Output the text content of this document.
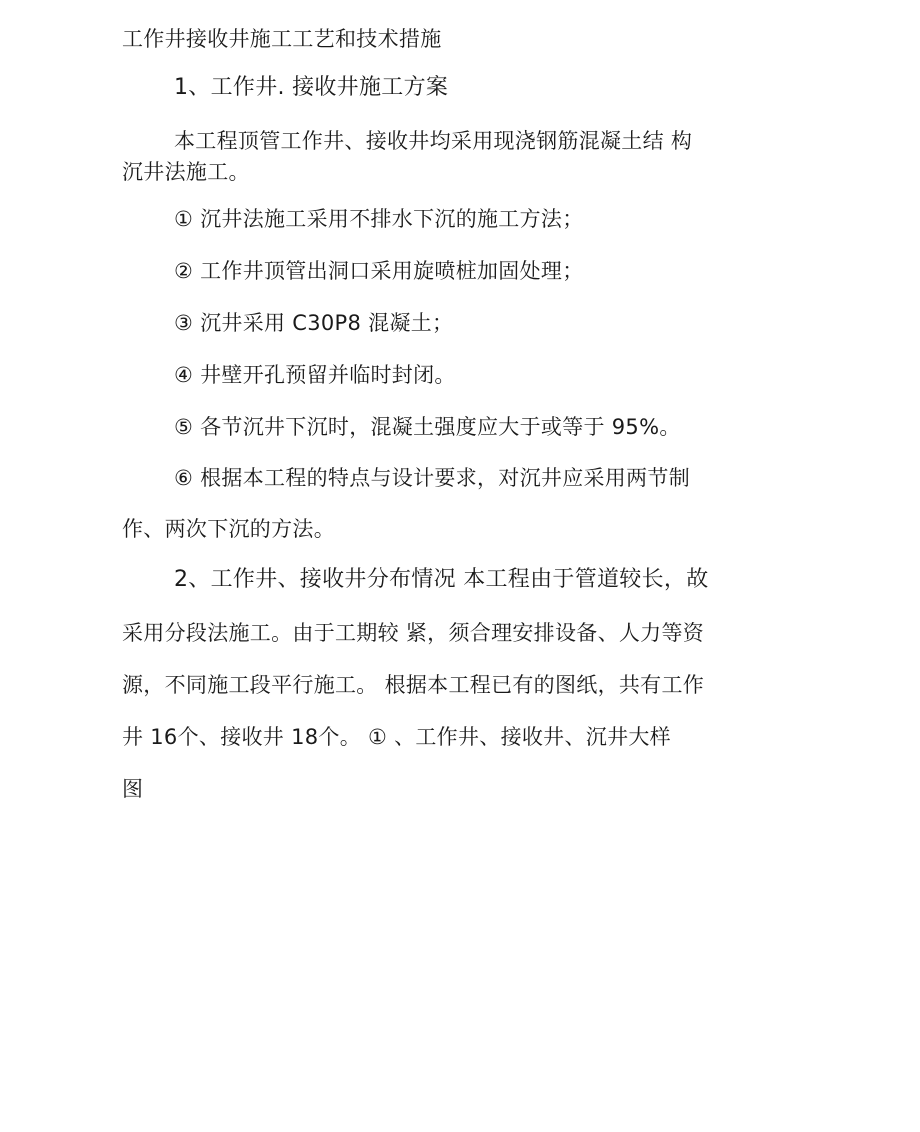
工作井接收井施工工艺和技术措施

1、工作井. 接收井施工方案

本工程顶管工作井、接收井均采用现浇钢筋混凝土结 构

沉井法施工。

① 沉井法施工采用不排水下沉的施工方法；

② 工作井顶管出洞口采用旋喷桩加固处理；

③ 沉井采用 C30P8 混凝土；

④ 井壁开孔预留并临时封闭。

⑤ 各节沉井下沉时，混凝土强度应大于或等于 95%。

⑥ 根据本工程的特点与设计要求，对沉井应采用两节制

作、两次下沉的方法。

2、工作井、接收井分布情况 本工程由于管道较长，故

采用分段法施工。由于工期较 紧，须合理安排设备、人力等资

源，不同施工段平行施工。 根据本工程已有的图纸，共有工作

井 16个、接收井 18个。 ① 、工作井、接收井、沉井大样

图
